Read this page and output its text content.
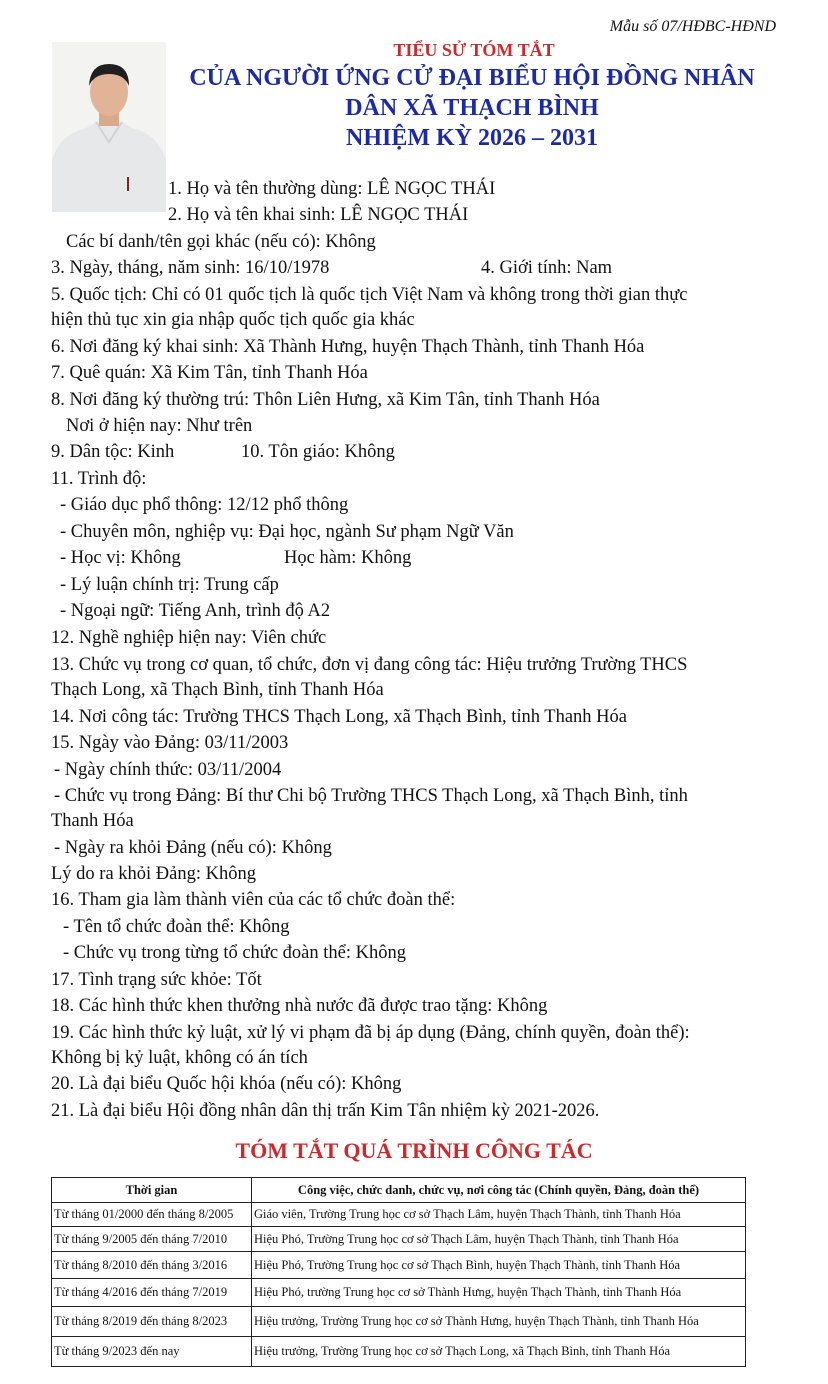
Mẫu số 07/HĐBC-HĐND
TIỂU SỬ TÓM TẮT
CỦA NGƯỜI ỨNG CỬ ĐẠI BIỂU HỘI ĐỒNG NHÂN
DÂN XÃ THẠCH BÌNH
NHIỆM KỲ 2026 – 2031
1. Họ và tên thường dùng: LÊ NGỌC THÁI
2. Họ và tên khai sinh: LÊ NGỌC THÁI
Các bí danh/tên gọi khác (nếu có): Không
3. Ngày, tháng, năm sinh: 16/10/1978	4. Giới tính: Nam
5. Quốc tịch: Chỉ có 01 quốc tịch là quốc tịch Việt Nam và không trong thời gian thực
hiện thủ tục xin gia nhập quốc tịch quốc gia khác
6. Nơi đăng ký khai sinh: Xã Thành Hưng, huyện Thạch Thành, tỉnh Thanh Hóa
7. Quê quán: Xã Kim Tân, tỉnh Thanh Hóa
8. Nơi đăng ký thường trú: Thôn Liên Hưng, xã Kim Tân, tỉnh Thanh Hóa
Nơi ở hiện nay: Như trên
9. Dân tộc: Kinh	10. Tôn giáo: Không
11. Trình độ:
- Giáo dục phổ thông: 12/12 phổ thông
- Chuyên môn, nghiệp vụ: Đại học, ngành Sư phạm Ngữ Văn
- Học vị: Không	Học hàm: Không
- Lý luận chính trị: Trung cấp
- Ngoại ngữ: Tiếng Anh, trình độ A2
12. Nghề nghiệp hiện nay: Viên chức
13. Chức vụ trong cơ quan, tổ chức, đơn vị đang công tác: Hiệu trưởng Trường THCS
Thạch Long, xã Thạch Bình, tỉnh Thanh Hóa
14. Nơi công tác: Trường THCS Thạch Long, xã Thạch Bình, tỉnh Thanh Hóa
15. Ngày vào Đảng: 03/11/2003
- Ngày chính thức: 03/11/2004
- Chức vụ trong Đảng: Bí thư Chi bộ Trường THCS Thạch Long, xã Thạch Bình, tỉnh
Thanh Hóa
- Ngày ra khỏi Đảng (nếu có): Không
Lý do ra khỏi Đảng: Không
16. Tham gia làm thành viên của các tổ chức đoàn thể:
- Tên tổ chức đoàn thể: Không
- Chức vụ trong từng tổ chức đoàn thể: Không
17. Tình trạng sức khỏe: Tốt
18. Các hình thức khen thưởng nhà nước đã được trao tặng: Không
19. Các hình thức kỷ luật, xử lý vi phạm đã bị áp dụng (Đảng, chính quyền, đoàn thể):
Không bị kỷ luật, không có án tích
20. Là đại biểu Quốc hội khóa (nếu có): Không
21. Là đại biểu Hội đồng nhân dân thị trấn Kim Tân nhiệm kỳ 2021-2026.
TÓM TẮT QUÁ TRÌNH CÔNG TÁC
Thời gian	Công việc, chức danh, chức vụ, nơi công tác (Chính quyền, Đảng, đoàn thể)
Từ tháng 01/2000 đến tháng 8/2005	Giáo viên, Trường Trung học cơ sở Thạch Lâm, huyện Thạch Thành, tỉnh Thanh Hóa
Từ tháng 9/2005 đến tháng 7/2010	Hiệu Phó, Trường Trung học cơ sở Thạch Lâm, huyện Thạch Thành, tỉnh Thanh Hóa
Từ tháng 8/2010 đến tháng 3/2016	Hiệu Phó, Trường Trung học cơ sở Thạch Bình, huyện Thạch Thành, tỉnh Thanh Hóa
Từ tháng 4/2016 đến tháng 7/2019	Hiệu Phó, trường Trung học cơ sở Thành Hưng, huyện Thạch Thành, tỉnh Thanh Hóa
Từ tháng 8/2019 đến tháng 8/2023	Hiệu trưởng, Trường Trung học cơ sở Thành Hưng, huyện Thạch Thành, tỉnh Thanh Hóa
Từ tháng 9/2023 đến nay	Hiệu trưởng, Trường Trung học cơ sở Thạch Long, xã Thạch Bình, tỉnh Thanh Hóa
